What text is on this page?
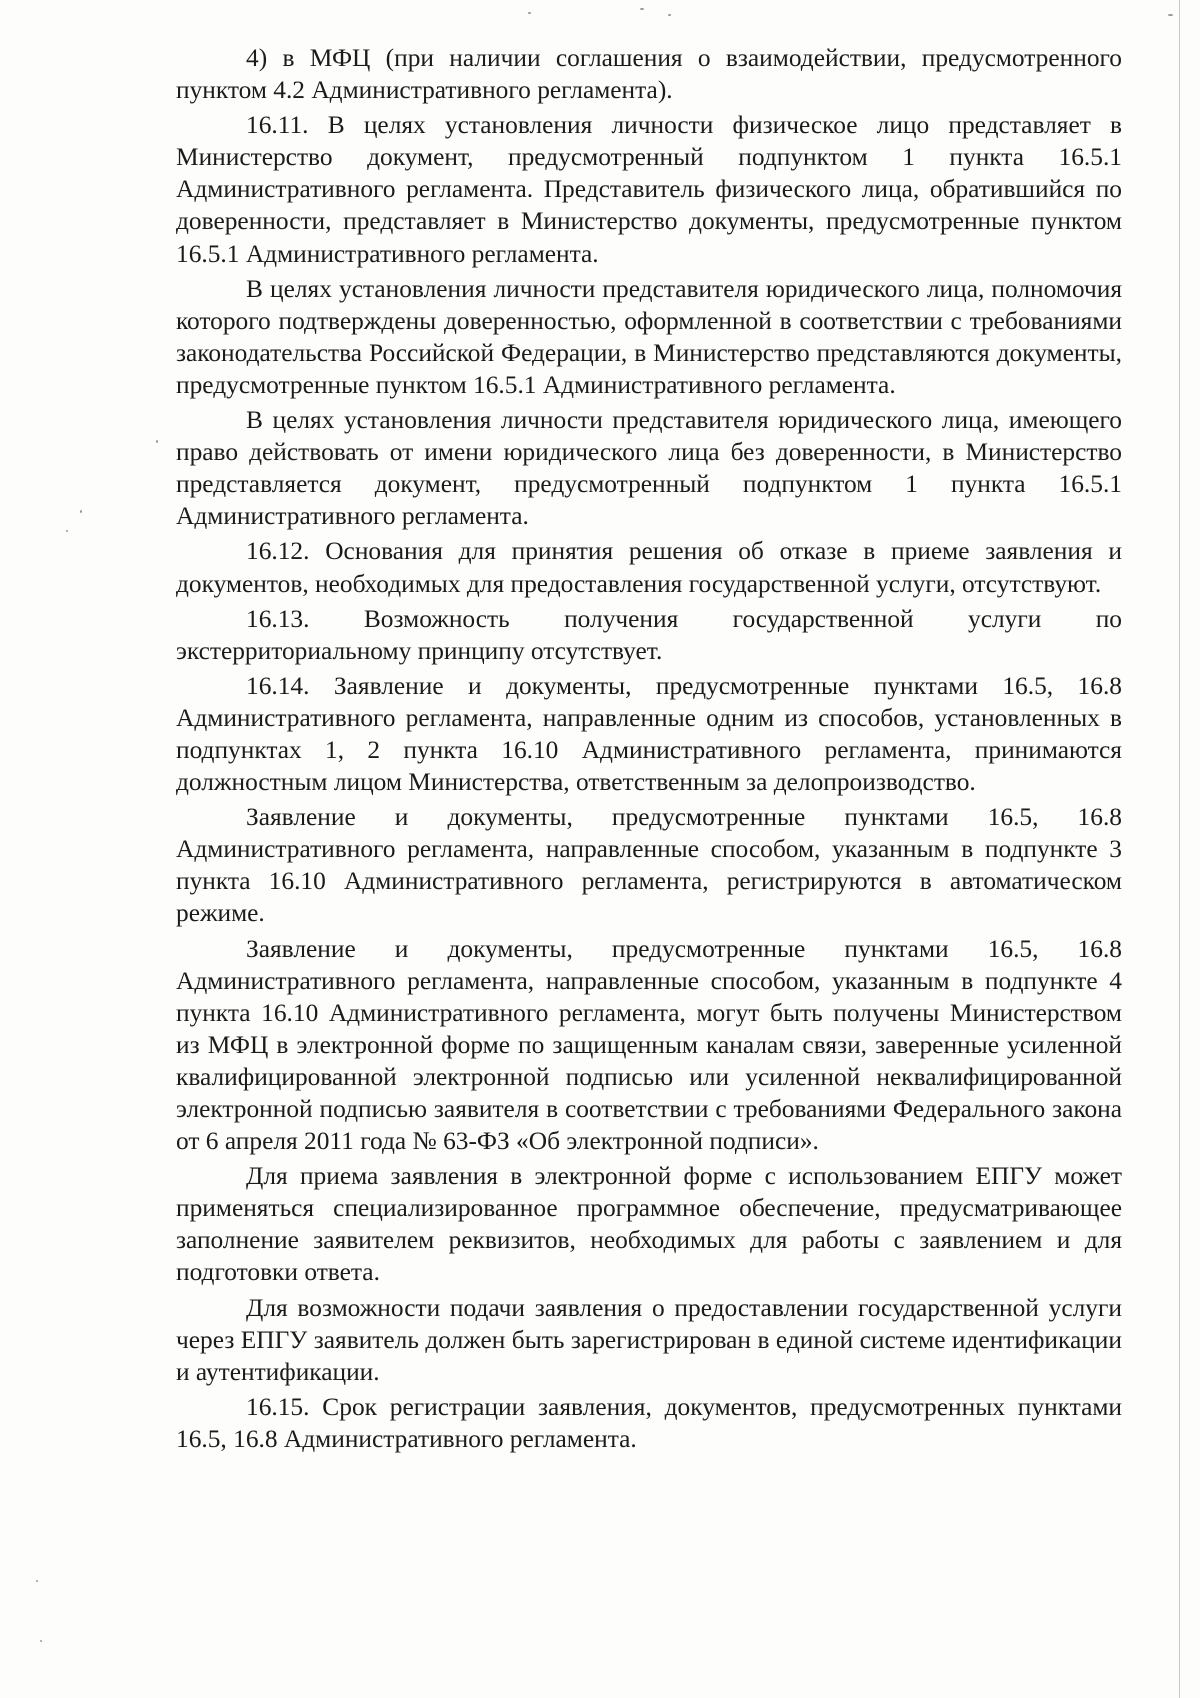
4) в МФЦ (при наличии соглашения о взаимодействии, предусмотренного пунктом 4.2 Административного регламента).

16.11. В целях установления личности физическое лицо представляет в Министерство документ, предусмотренный подпунктом 1 пункта 16.5.1 Административного регламента. Представитель физического лица, обратившийся по доверенности, представляет в Министерство документы, предусмотренные пунктом 16.5.1 Административного регламента.

В целях установления личности представителя юридического лица, полномочия которого подтверждены доверенностью, оформленной в соответствии с требованиями законодательства Российской Федерации, в Министерство представляются документы, предусмотренные пунктом 16.5.1 Административного регламента.

В целях установления личности представителя юридического лица, имеющего право действовать от имени юридического лица без доверенности, в Министерство представляется документ, предусмотренный подпунктом 1 пункта 16.5.1 Административного регламента.

16.12. Основания для принятия решения об отказе в приеме заявления и документов, необходимых для предоставления государственной услуги, отсутствуют.

16.13. Возможность получения государственной услуги по экстерриториальному принципу отсутствует.

16.14. Заявление и документы, предусмотренные пунктами 16.5, 16.8 Административного регламента, направленные одним из способов, установленных в подпунктах 1, 2 пункта 16.10 Административного регламента, принимаются должностным лицом Министерства, ответственным за делопроизводство.

Заявление и документы, предусмотренные пунктами 16.5, 16.8 Административного регламента, направленные способом, указанным в подпункте 3 пункта 16.10 Административного регламента, регистрируются в автоматическом режиме.

Заявление и документы, предусмотренные пунктами 16.5, 16.8 Административного регламента, направленные способом, указанным в подпункте 4 пункта 16.10 Административного регламента, могут быть получены Министерством из МФЦ в электронной форме по защищенным каналам связи, заверенные усиленной квалифицированной электронной подписью или усиленной неквалифицированной электронной подписью заявителя в соответствии с требованиями Федерального закона от 6 апреля 2011 года № 63-ФЗ «Об электронной подписи».

Для приема заявления в электронной форме с использованием ЕПГУ может применяться специализированное программное обеспечение, предусматривающее заполнение заявителем реквизитов, необходимых для работы с заявлением и для подготовки ответа.

Для возможности подачи заявления о предоставлении государственной услуги через ЕПГУ заявитель должен быть зарегистрирован в единой системе идентификации и аутентификации.

16.15. Срок регистрации заявления, документов, предусмотренных пунктами 16.5, 16.8 Административного регламента.
